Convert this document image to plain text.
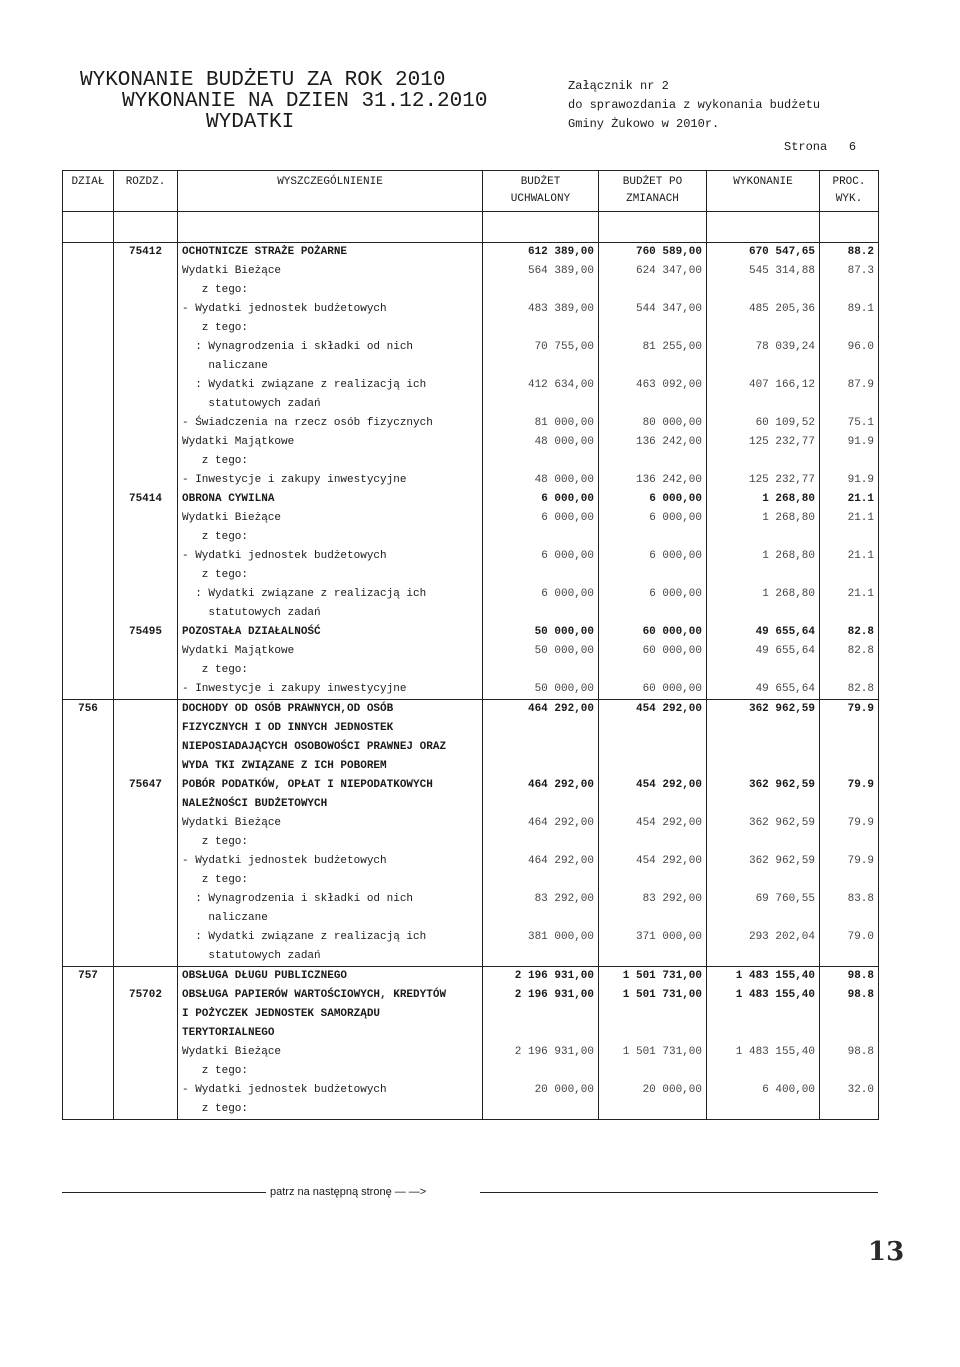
WYKONANIE BUDŻETU ZA ROK 2010
WYKONANIE NA DZIEN 31.12.2010
WYDATKI
Załącznik nr 2
do sprawozdania z wykonania budżetu
Gminy Żukowo w 2010r.
Strona 6
DZIAŁ	ROZDZ.	WYSZCZEGÓLNIENIE	BUDŻET	BUDŻET PO	WYKONANIE	PROC.
			UCHWALONY	ZMIANACH		WYK.

	75412	OCHOTNICZE STRAŻE POŻARNE	612 389,00	760 589,00	670 547,65	88.2
		Wydatki Bieżące	564 389,00	624 347,00	545 314,88	87.3
		z tego:				
		- Wydatki jednostek budżetowych	483 389,00	544 347,00	485 205,36	89.1
		z tego:				
		: Wynagrodzenia i składki od nich	70 755,00	81 255,00	78 039,24	96.0
		naliczane				
		: Wydatki związane z realizacją ich	412 634,00	463 092,00	407 166,12	87.9
		statutowych zadań				
		- Świadczenia na rzecz osób fizycznych	81 000,00	80 000,00	60 109,52	75.1
		Wydatki Majątkowe	48 000,00	136 242,00	125 232,77	91.9
		z tego:				
		- Inwestycje i zakupy inwestycyjne	48 000,00	136 242,00	125 232,77	91.9
	75414	OBRONA CYWILNA	6 000,00	6 000,00	1 268,80	21.1
		Wydatki Bieżące	6 000,00	6 000,00	1 268,80	21.1
		z tego:				
		- Wydatki jednostek budżetowych	6 000,00	6 000,00	1 268,80	21.1
		z tego:				
		: Wydatki związane z realizacją ich	6 000,00	6 000,00	1 268,80	21.1
		statutowych zadań				
	75495	POZOSTAŁA DZIAŁALNOŚĆ	50 000,00	60 000,00	49 655,64	82.8
		Wydatki Majątkowe	50 000,00	60 000,00	49 655,64	82.8
		z tego:				
		- Inwestycje i zakupy inwestycyjne	50 000,00	60 000,00	49 655,64	82.8
756		DOCHODY OD OSÓB PRAWNYCH,OD OSÓB	464 292,00	454 292,00	362 962,59	79.9
		FIZYCZNYCH I OD INNYCH JEDNOSTEK				
		NIEPOSIADAJĄCYCH OSOBOWOŚCI PRAWNEJ ORAZ				
		WYDA TKI ZWIĄZANE Z ICH POBOREM				
	75647	POBÓR PODATKÓW, OPŁAT I NIEPODATKOWYCH	464 292,00	454 292,00	362 962,59	79.9
		NALEŻNOŚCI BUDŻETOWYCH				
		Wydatki Bieżące	464 292,00	454 292,00	362 962,59	79.9
		z tego:				
		- Wydatki jednostek budżetowych	464 292,00	454 292,00	362 962,59	79.9
		z tego:				
		: Wynagrodzenia i składki od nich	83 292,00	83 292,00	69 760,55	83.8
		naliczane				
		: Wydatki związane z realizacją ich	381 000,00	371 000,00	293 202,04	79.0
		statutowych zadań				
757		OBSŁUGA DŁUGU PUBLICZNEGO	2 196 931,00	1 501 731,00	1 483 155,40	98.8
	75702	OBSŁUGA PAPIERÓW WARTOŚCIOWYCH, KREDYTÓW	2 196 931,00	1 501 731,00	1 483 155,40	98.8
		I POŻYCZEK JEDNOSTEK SAMORZĄDU				
		TERYTORIALNEGO				
		Wydatki Bieżące	2 196 931,00	1 501 731,00	1 483 155,40	98.8
		z tego:				
		- Wydatki jednostek budżetowych	20 000,00	20 000,00	6 400,00	32.0
		z tego:				
patrz na następną stronę — —>
13
